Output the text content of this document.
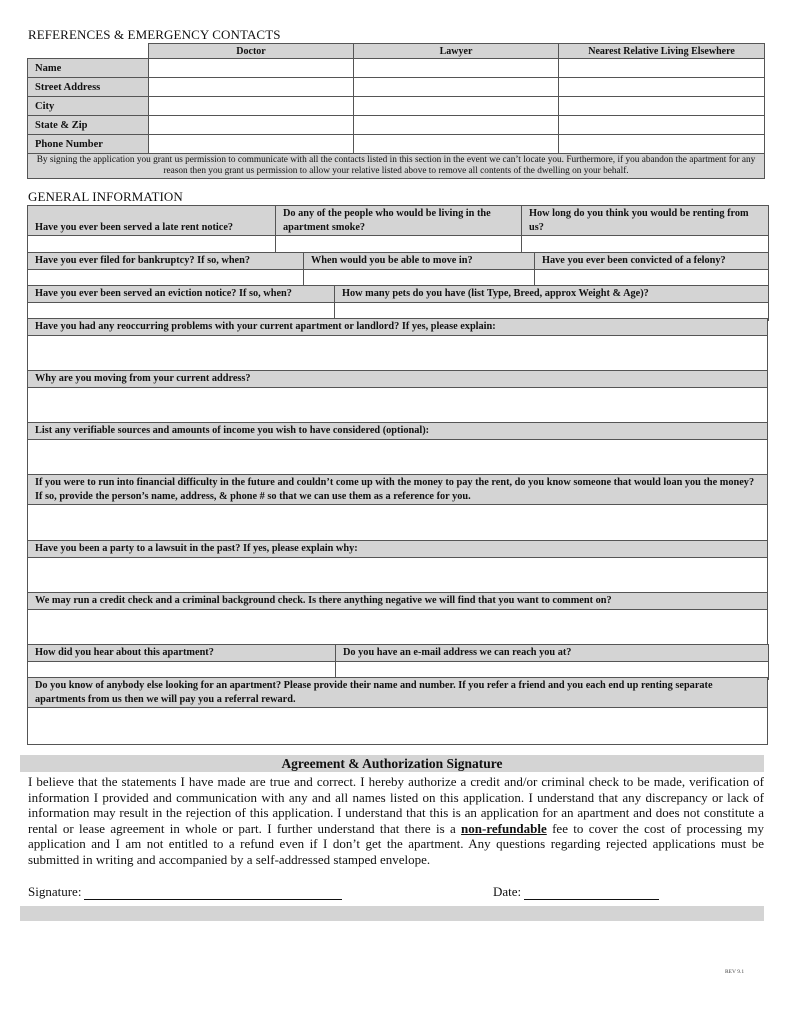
REFERENCES & EMERGENCY CONTACTS
	Doctor	Lawyer	Nearest Relative Living Elsewhere
Name			
Street Address			
City			
State & Zip			
Phone Number			
By signing the application you grant us permission to communicate with all the contacts listed in this section in the event we can’t locate you. Furthermore, if you abandon the apartment for any reason then you grant us permission to allow your relative listed above to remove all contents of the dwelling on your behalf.			
GENERAL INFORMATION
Have you ever been served a late rent notice?	Do any of the people who would be living in the apartment smoke?	How long do you think you would be renting from us?

Have you ever filed for bankruptcy? If so, when?	When would you be able to move in?	Have you ever been convicted of a felony?

Have you ever been served an eviction notice? If so, when?	How many pets do you have (list Type, Breed, approx Weight & Age)?

Have you had any reoccurring problems with your current apartment or landlord? If yes, please explain:

Why are you moving from your current address?

List any verifiable sources and amounts of income you wish to have considered (optional):

If you were to run into financial difficulty in the future and couldn’t come up with the money to pay the rent, do you know someone that would loan you the money? If so, provide the person’s name, address, & phone # so that we can use them as a reference for you.

Have you been a party to a lawsuit in the past? If yes, please explain why:

We may run a credit check and a criminal background check. Is there anything negative we will find that you want to comment on?

How did you hear about this apartment?	Do you have an e-mail address we can reach you at?

Do you know of anybody else looking for an apartment? Please provide their name and number. If you refer a friend and you each end up renting separate apartments from us then we will pay you a referral reward.

Agreement & Authorization Signature
I believe that the statements I have made are true and correct. I hereby authorize a credit and/or criminal check to be made, verification of information I provided and communication with any and all names listed on this application. I understand that any discrepancy or lack of information may result in the rejection of this application. I understand that this is an application for an apartment and does not constitute a rental or lease agreement in whole or part. I further understand that there is a non-refundable fee to cover the cost of processing my application and I am not entitled to a refund even if I don’t get the apartment. Any questions regarding rejected applications must be submitted in writing and accompanied by a self-addressed stamped envelope.
Signature:	Date:
REV 9.1
